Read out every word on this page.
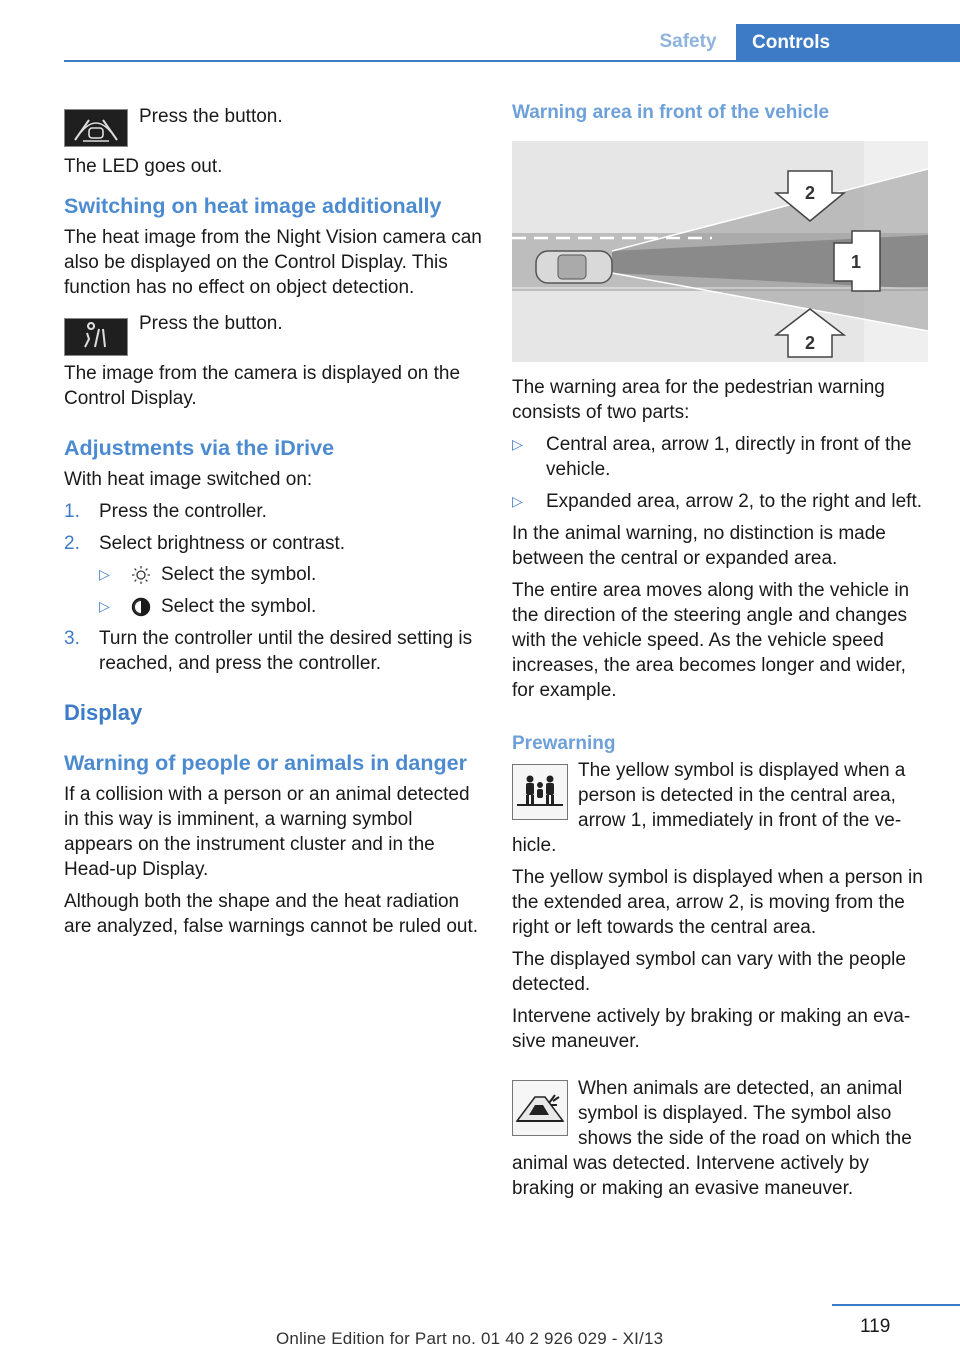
Safety	Controls
Press the button.

The LED goes out.

Switching on heat image additionally

The heat image from the Night Vision camera can also be displayed on the Control Display. This function has no effect on object detection.

Press the button.

The image from the camera is displayed on the Control Display.

Adjustments via the iDrive

With heat image switched on:

1. Press the controller.
2. Select brightness or contrast.
▷	Select the symbol.
▷	Select the symbol.
3. Turn the controller until the desired setting is reached, and press the controller.
Display
Warning of people or animals in danger

If a collision with a person or an animal detected in this way is imminent, a warning symbol appears on the instrument cluster and in the Head-up Display.

Although both the shape and the heat radiation are analyzed, false warnings cannot be ruled out.

Warning area in front of the vehicle
2
1
2

The warning area for the pedestrian warning consists of two parts:

▷ Central area, arrow 1, directly in front of the vehicle.
▷ Expanded area, arrow 2, to the right and left.

In the animal warning, no distinction is made between the central or expanded area.

The entire area moves along with the vehicle in the direction of the steering angle and changes with the vehicle speed. As the vehicle speed increases, the area becomes longer and wider, for example.

Prewarning

The yellow symbol is displayed when a person is detected in the central area, arrow 1, immediately in front of the vehicle.

The yellow symbol is displayed when a person in the extended area, arrow 2, is moving from the right or left towards the central area.

The displayed symbol can vary with the people detected.

Intervene actively by braking or making an evasive maneuver.

When animals are detected, an animal symbol is displayed. The symbol also shows the side of the road on which the animal was detected. Intervene actively by braking or making an evasive maneuver.

119
Online Edition for Part no. 01 40 2 926 029 - XI/13
